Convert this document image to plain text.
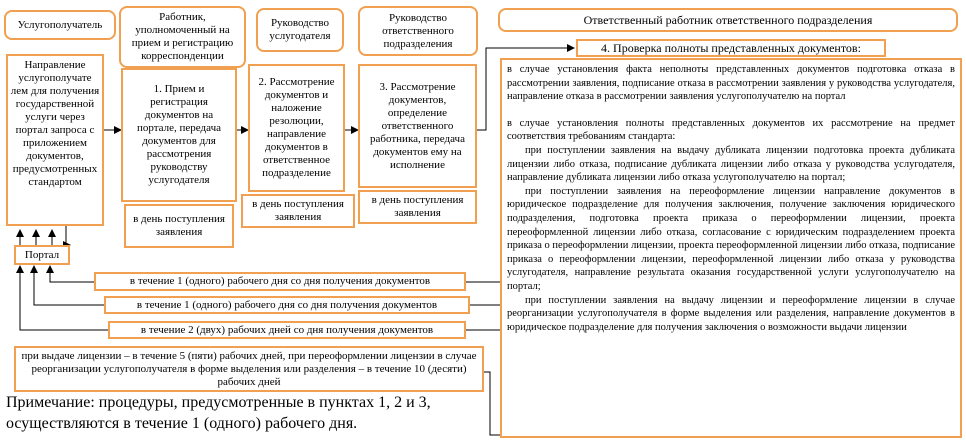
Услугополучатель
Работник, уполномоченный на прием и регистрацию корреспонденции
Руководство услугодателя
Руководство ответственного подразделения
Ответственный работник ответственного подразделения
Направление услугополучате лем для получения государственной услуги через портал запроса с приложением документов, предусмотренных стандартом
Портал
1. Прием и регистрация документов на портале, передача документов для рассмотрения руководству услугодателя
в день поступления заявления
2. Рассмотрение документов и наложение резолюции, направление документов в ответственное подразделение
в день поступления заявления
3. Рассмотрение документов, определение ответственного работника, передача документов ему на исполнение
в день поступления заявления
4. Проверка полноты представленных документов:

в случае установления факта неполноты представленных документов подготовка отказа в рассмотрении заявления, подписание отказа в рассмотрении заявления у руководства услугодателя, направление отказа в рассмотрении заявления услугополучателю на портал

в случае установления полноты представленных документов их рассмотрение на предмет соответствия требованиям стандарта:

при поступлении заявления на выдачу дубликата лицензии подготовка проекта дубликата лицензии либо отказа, подписание дубликата лицензии либо отказа у руководства услугодателя, направление дубликата лицензии либо отказа услугополучателю на портал;

при поступлении заявления на переоформление лицензии направление документов в юридическое подразделение для получения заключения, получение заключения юридического подразделения, подготовка проекта приказа о переоформлении лицензии, проекта переоформленной лицензии либо отказа, согласование с юридическим подразделением проекта приказа о переоформлении лицензии, проекта переоформленной лицензии либо отказа, подписание приказа о переоформлении лицензии, переоформленной лицензии либо отказа у руководства услугодателя, направление результата оказания государственной услуги услугополучателю на портал;

при поступлении заявления на выдачу лицензии и переоформление лицензии в случае реорганизации услугополучателя в форме выделения или разделения, направление документов в юридическое подразделение для получения заключения о возможности выдачи лицензии

в течение 1 (одного) рабочего дня со дня получения документов
в течение 1 (одного) рабочего дня со дня получения документов
в течение 2 (двух) рабочих дней со дня получения документов
при выдаче лицензии – в течение 5 (пяти) рабочих дней, при переоформлении лицензии в случае реорганизации услугополучателя в форме выделения или разделения – в течение 10 (десяти) рабочих дней
Примечание: процедуры, предусмотренные в пунктах 1, 2 и 3, осуществляются в течение 1 (одного) рабочего дня.
